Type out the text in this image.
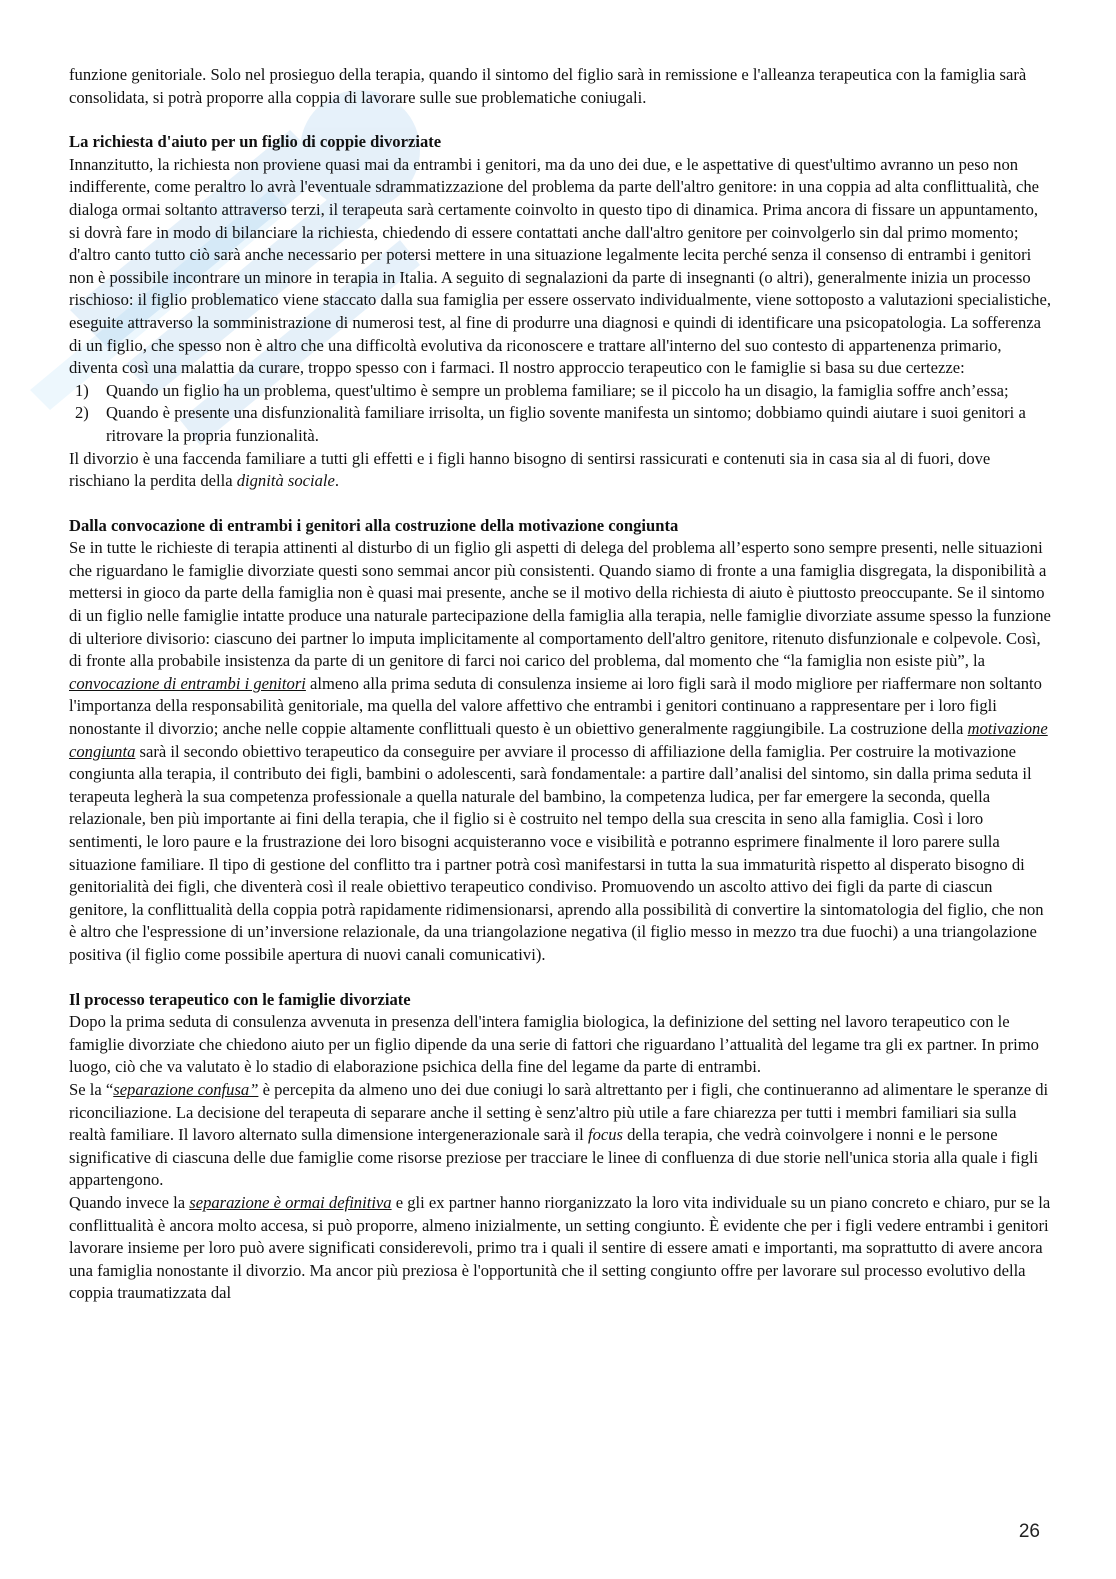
funzione genitoriale. Solo nel prosieguo della terapia, quando il sintomo del figlio sarà in remissione e l'alleanza terapeutica con la famiglia sarà consolidata, si potrà proporre alla coppia di lavorare sulle sue problematiche coniugali.

La richiesta d'aiuto per un figlio di coppie divorziate

Innanzitutto, la richiesta non proviene quasi mai da entrambi i genitori, ma da uno dei due, e le aspettative di quest'ultimo avranno un peso non indifferente, come peraltro lo avrà l'eventuale sdrammatizzazione del problema da parte dell'altro genitore: in una coppia ad alta conflittualità, che dialoga ormai soltanto attraverso terzi, il terapeuta sarà certamente coinvolto in questo tipo di dinamica. Prima ancora di fissare un appuntamento, si dovrà fare in modo di bilanciare la richiesta, chiedendo di essere contattati anche dall'altro genitore per coinvolgerlo sin dal primo momento; d'altro canto tutto ciò sarà anche necessario per potersi mettere in una situazione legalmente lecita perché senza il consenso di entrambi i genitori non è possibile incontrare un minore in terapia in Italia. A seguito di segnalazioni da parte di insegnanti (o altri), generalmente inizia un processo rischioso: il figlio problematico viene staccato dalla sua famiglia per essere osservato individualmente, viene sottoposto a valutazioni specialistiche, eseguite attraverso la somministrazione di numerosi test, al fine di produrre una diagnosi e quindi di identificare una psicopatologia. La sofferenza di un figlio, che spesso non è altro che una difficoltà evolutiva da riconoscere e trattare all'interno del suo contesto di appartenenza primario, diventa così una malattia da curare, troppo spesso con i farmaci. Il nostro approccio terapeutico con le famiglie si basa su due certezze:

1) Quando un figlio ha un problema, quest'ultimo è sempre un problema familiare; se il piccolo ha un disagio, la famiglia soffre anch’essa;
2) Quando è presente una disfunzionalità familiare irrisolta, un figlio sovente manifesta un sintomo; dobbiamo quindi aiutare i suoi genitori a ritrovare la propria funzionalità.

Il divorzio è una faccenda familiare a tutti gli effetti e i figli hanno bisogno di sentirsi rassicurati e contenuti sia in casa sia al di fuori, dove rischiano la perdita della dignità sociale.

Dalla convocazione di entrambi i genitori alla costruzione della motivazione congiunta

Se in tutte le richieste di terapia attinenti al disturbo di un figlio gli aspetti di delega del problema all’esperto sono sempre presenti, nelle situazioni che riguardano le famiglie divorziate questi sono semmai ancor più consistenti. Quando siamo di fronte a una famiglia disgregata, la disponibilità a mettersi in gioco da parte della famiglia non è quasi mai presente, anche se il motivo della richiesta di aiuto è piuttosto preoccupante. Se il sintomo di un figlio nelle famiglie intatte produce una naturale partecipazione della famiglia alla terapia, nelle famiglie divorziate assume spesso la funzione di ulteriore divisorio: ciascuno dei partner lo imputa implicitamente al comportamento dell'altro genitore, ritenuto disfunzionale e colpevole. Così, di fronte alla probabile insistenza da parte di un genitore di farci noi carico del problema, dal momento che “la famiglia non esiste più”, la convocazione di entrambi i genitori almeno alla prima seduta di consulenza insieme ai loro figli sarà il modo migliore per riaffermare non soltanto l'importanza della responsabilità genitoriale, ma quella del valore affettivo che entrambi i genitori continuano a rappresentare per i loro figli nonostante il divorzio; anche nelle coppie altamente conflittuali questo è un obiettivo generalmente raggiungibile. La costruzione della motivazione congiunta sarà il secondo obiettivo terapeutico da conseguire per avviare il processo di affiliazione della famiglia. Per costruire la motivazione congiunta alla terapia, il contributo dei figli, bambini o adolescenti, sarà fondamentale: a partire dall’analisi del sintomo, sin dalla prima seduta il terapeuta legherà la sua competenza professionale a quella naturale del bambino, la competenza ludica, per far emergere la seconda, quella relazionale, ben più importante ai fini della terapia, che il figlio si è costruito nel tempo della sua crescita in seno alla famiglia. Così i loro sentimenti, le loro paure e la frustrazione dei loro bisogni acquisteranno voce e visibilità e potranno esprimere finalmente il loro parere sulla situazione familiare. Il tipo di gestione del conflitto tra i partner potrà così manifestarsi in tutta la sua immaturità rispetto al disperato bisogno di genitorialità dei figli, che diventerà così il reale obiettivo terapeutico condiviso. Promuovendo un ascolto attivo dei figli da parte di ciascun genitore, la conflittualità della coppia potrà rapidamente ridimensionarsi, aprendo alla possibilità di convertire la sintomatologia del figlio, che non è altro che l'espressione di un’inversione relazionale, da una triangolazione negativa (il figlio messo in mezzo tra due fuochi) a una triangolazione positiva (il figlio come possibile apertura di nuovi canali comunicativi).

Il processo terapeutico con le famiglie divorziate

Dopo la prima seduta di consulenza avvenuta in presenza dell'intera famiglia biologica, la definizione del setting nel lavoro terapeutico con le famiglie divorziate che chiedono aiuto per un figlio dipende da una serie di fattori che riguardano l’attualità del legame tra gli ex partner. In primo luogo, ciò che va valutato è lo stadio di elaborazione psichica della fine del legame da parte di entrambi.

Se la “separazione confusa” è percepita da almeno uno dei due coniugi lo sarà altrettanto per i figli, che continueranno ad alimentare le speranze di riconciliazione. La decisione del terapeuta di separare anche il setting è senz'altro più utile a fare chiarezza per tutti i membri familiari sia sulla realtà familiare. Il lavoro alternato sulla dimensione intergenerazionale sarà il focus della terapia, che vedrà coinvolgere i nonni e le persone significative di ciascuna delle due famiglie come risorse preziose per tracciare le linee di confluenza di due storie nell'unica storia alla quale i figli appartengono.

Quando invece la separazione è ormai definitiva e gli ex partner hanno riorganizzato la loro vita individuale su un piano concreto e chiaro, pur se la conflittualità è ancora molto accesa, si può proporre, almeno inizialmente, un setting congiunto. È evidente che per i figli vedere entrambi i genitori lavorare insieme per loro può avere significati considerevoli, primo tra i quali il sentire di essere amati e importanti, ma soprattutto di avere ancora una famiglia nonostante il divorzio. Ma ancor più preziosa è l'opportunità che il setting congiunto offre per lavorare sul processo evolutivo della coppia traumatizzata dal

26
